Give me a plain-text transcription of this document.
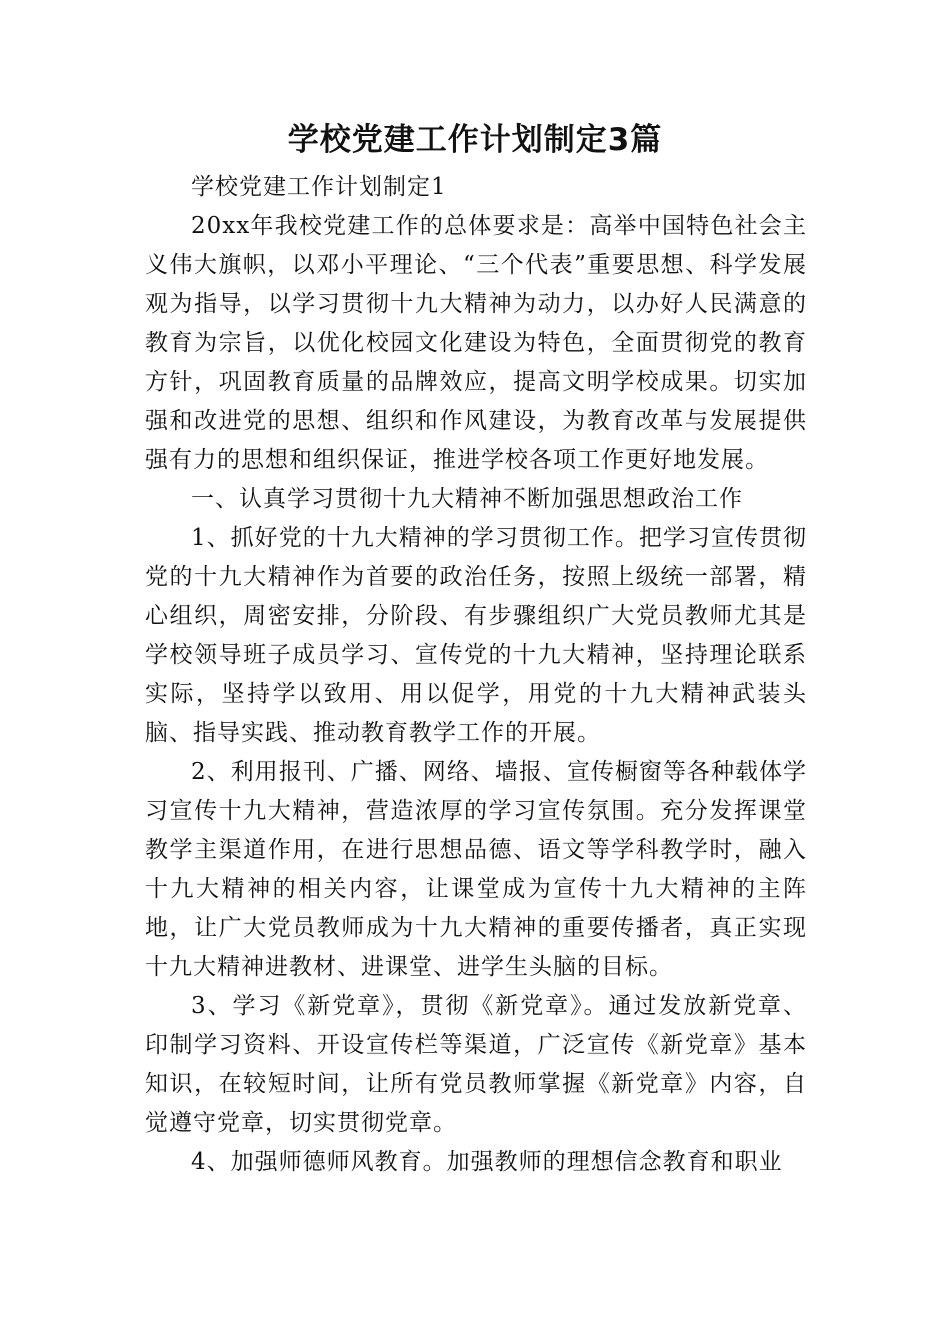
学校党建工作计划制定3篇

学校党建工作计划制定1

20xx年我校党建工作的总体要求是：高举中国特色社会主义伟大旗帜，以邓小平理论、“三个代表”重要思想、科学发展观为指导，以学习贯彻十九大精神为动力，以办好人民满意的教育为宗旨，以优化校园文化建设为特色，全面贯彻党的教育方针，巩固教育质量的品牌效应，提高文明学校成果。切实加强和改进党的思想、组织和作风建设，为教育改革与发展提供强有力的思想和组织保证，推进学校各项工作更好地发展。

一、认真学习贯彻十九大精神不断加强思想政治工作

1、抓好党的十九大精神的学习贯彻工作。把学习宣传贯彻党的十九大精神作为首要的政治任务，按照上级统一部署，精心组织，周密安排，分阶段、有步骤组织广大党员教师尤其是学校领导班子成员学习、宣传党的十九大精神，坚持理论联系实际，坚持学以致用、用以促学，用党的十九大精神武装头脑、指导实践、推动教育教学工作的开展。

2、利用报刊、广播、网络、墙报、宣传橱窗等各种载体学习宣传十九大精神，营造浓厚的学习宣传氛围。充分发挥课堂教学主渠道作用，在进行思想品德、语文等学科教学时，融入十九大精神的相关内容，让课堂成为宣传十九大精神的主阵地，让广大党员教师成为十九大精神的重要传播者，真正实现十九大精神进教材、进课堂、进学生头脑的目标。

3、学习《新党章》，贯彻《新党章》。通过发放新党章、印制学习资料、开设宣传栏等渠道，广泛宣传《新党章》基本知识，在较短时间，让所有党员教师掌握《新党章》内容，自觉遵守党章，切实贯彻党章。

4、加强师德师风教育。加强教师的理想信念教育和职业
